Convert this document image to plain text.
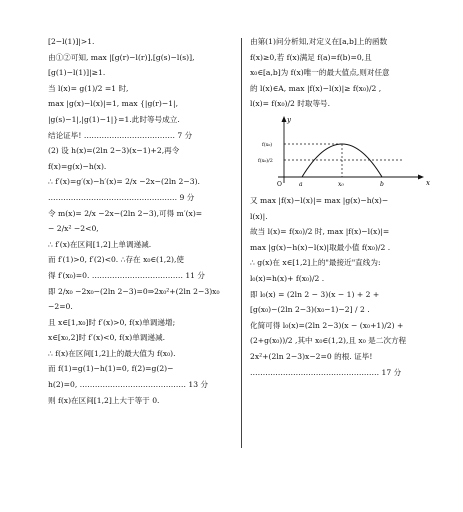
[2−l(1)]|>1.
由①②可知, max |[g(r)−l(r)],[g(s)−l(s)],
[g(1)−l(1)]|≥1.
当 l(x)= g(1)/2 =1 时,
max |g(x)−l(x)|=1, max {|g(r)−1|,
|g(s)−1|,|g(1)−1|}=1.此时等号成立.
结论证毕! ……………………………… 7 分
(2) 设 h(x)=(2ln 2−3)(x−1)+2,再令
f(x)=g(x)−h(x).
∴ f′(x)=g′(x)−h′(x)= 2/x −2x−(2ln 2−3).
…………………………………………… 9 分
令 m(x)= 2/x −2x−(2ln 2−3),可得 m′(x)=
− 2/x² −2<0,
∴ f′(x)在区间[1,2]上单调递减.
而 f′(1)>0, f′(2)<0. ∴存在 x₀∈(1,2),使
得 f′(x₀)=0. ……………………………… 11 分
即 2/x₀ −2x₀−(2ln 2−3)=0⇒2x₀²+(2ln 2−3)x₀
−2=0.
且 x∈[1,x₀]时 f′(x)>0, f(x)单调递增;
x∈[x₀,2]时 f′(x)<0, f(x)单调递减.
∴ f(x)在区间[1,2]上的最大值为 f(x₀).
而 f(1)=g(1)−h(1)=0, f(2)=g(2)−
h(2)=0, …………………………………… 13 分
则 f(x)在区间[1,2]上大于等于 0.
由第(1)问分析知,对定义在[a,b]上的函数
f(x)≥0,若 f(x)满足 f(a)=f(b)=0,且
x₀∈[a,b]为 f(x)唯一的最大值点,则对任意
的 l(x)∈A, max |f(x)−l(x)|≥ f(x₀)/2 ,
l(x)= f(x₀)/2 时取等号.
y
x
O	a	x₀	b
f(x₀)
f(x₀)/2
又 max |f(x)−l(x)|= max |g(x)−h(x)−
l(x)|.
故当 l(x)= f(x₀)/2 时, max |f(x)−l(x)|=
max |g(x)−h(x)−l(x)|取最小值 f(x₀)/2 .
∴ g(x)在 x∈[1,2]上的"最接近"直线为:
l₀(x)=h(x)+ f(x₀)/2 .
即 l₀(x) = (2ln 2 − 3)(x − 1) + 2 +
[g(x₀)−(2ln 2−3)(x₀−1)−2] / 2 .
化简可得 l₀(x)=(2ln 2−3)(x − (x₀+1)/2) +
(2+g(x₀))/2 ,其中 x₀∈(1,2),且 x₀ 是二次方程
2x²+(2ln 2−3)x−2=0 的根. 证毕!
…………………………………………… 17 分
